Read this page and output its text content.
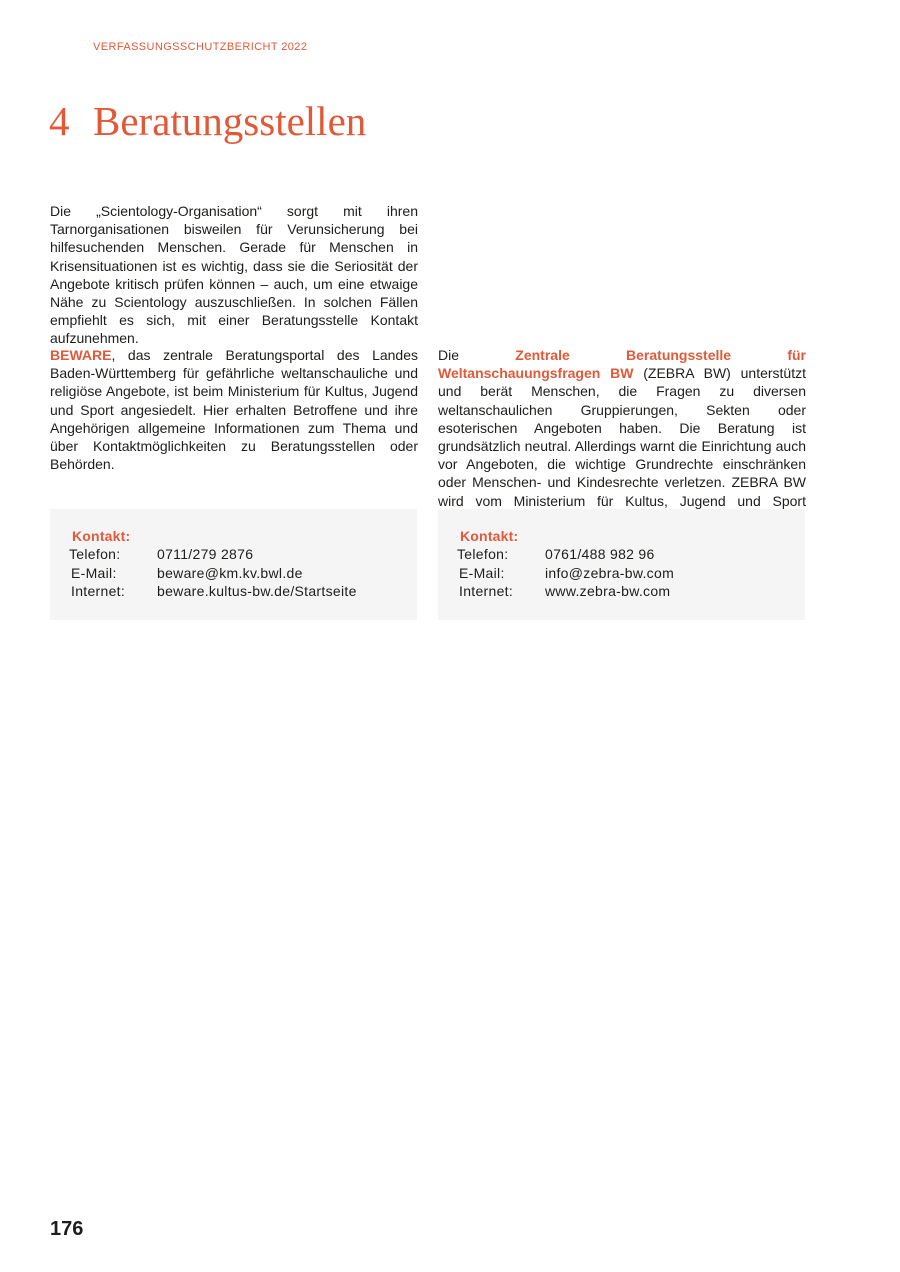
VERFASSUNGSSCHUTZBERICHT 2022
4 Beratungsstellen

Die „Scientology-Organisation“ sorgt mit ihren Tarnorganisationen bisweilen für Verunsicherung bei hilfesuchenden Menschen. Gerade für Menschen in Krisensituationen ist es wichtig, dass sie die Seriosität der Angebote kritisch prüfen können – auch, um eine etwaige Nähe zu Scientology auszuschließen. In solchen Fällen empfiehlt es sich, mit einer Beratungsstelle Kontakt aufzunehmen.

BEWARE, das zentrale Beratungsportal des Landes Baden-Württemberg für gefährliche weltanschauliche und religiöse Angebote, ist beim Ministerium für Kultus, Jugend und Sport angesiedelt. Hier erhalten Betroffene und ihre Angehörigen allgemeine Informationen zum Thema und über Kontaktmöglichkeiten zu Beratungsstellen oder Behörden.

Die Zentrale Beratungsstelle für Weltanschauungsfragen BW (ZEBRA BW) unterstützt und berät Menschen, die Fragen zu diversen weltanschaulichen Gruppierungen, Sekten oder esoterischen Angeboten haben. Die Beratung ist grundsätzlich neutral. Allerdings warnt die Einrichtung auch vor Angeboten, die wichtige Grundrechte einschränken oder Menschen- und Kindesrechte verletzen. ZEBRA BW wird vom Ministerium für Kultus, Jugend und Sport

Kontakt:
Telefon:	0711/279 2876
E-Mail:	beware@km.kv.bwl.de
Internet: beware.kultus-bw.de/Startseite
Kontakt:
Telefon:	0761/488 982 96
E-Mail:	info@zebra-bw.com
Internet: www.zebra-bw.com
176
